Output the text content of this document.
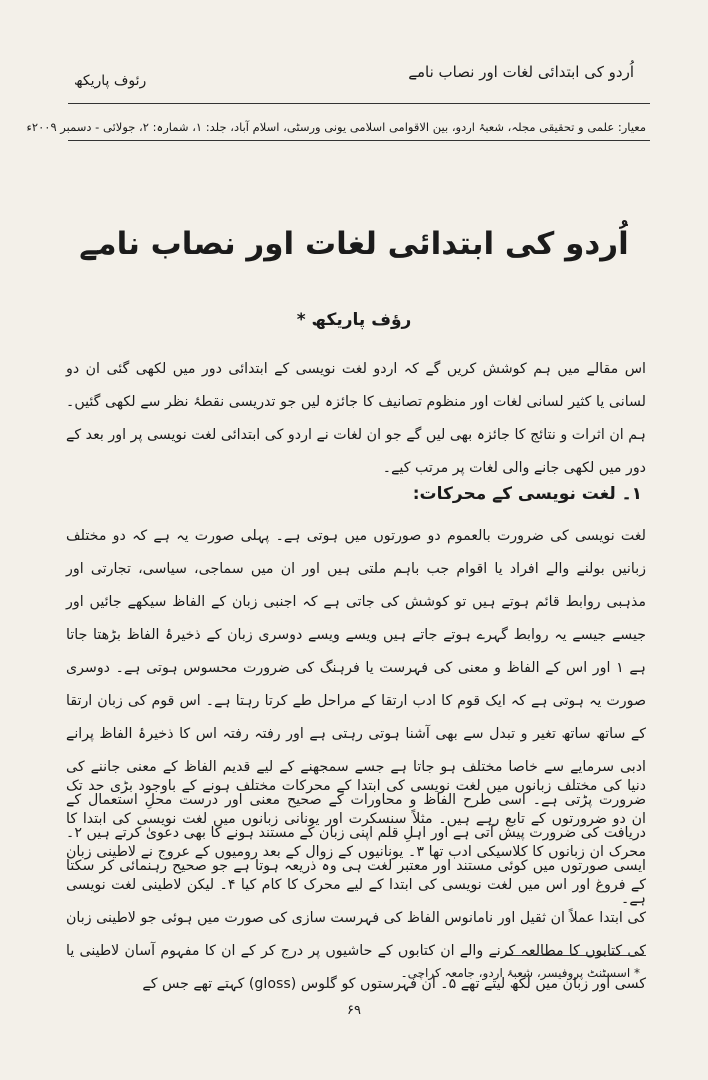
اُردو کی ابتدائی لغات اور نصاب نامے
رئوف پاریکھ
معیار: علمی و تحقیقی مجلہ، شعبۂ اردو، بین الاقوامی اسلامی یونی ورسٹی، اسلام آباد، جلد: ۱، شمارہ: ۲، جولائی - دسمبر ۲۰۰۹ء
اُردو کی ابتدائی لغات اور نصاب نامے
رؤف پاریکھ *
اس مقالے میں ہم کوشش کریں گے کہ اردو لغت نویسی کے ابتدائی دور میں لکھی گئی ان دو لسانی یا کثیر لسانی لغات اور منظوم تصانیف کا جائزہ لیں جو تدریسی نقطۂ نظر سے لکھی گئیں۔ ہم ان اثرات و نتائج کا جائزہ بھی لیں گے جو ان لغات نے اردو کی ابتدائی لغت نویسی پر اور بعد کے دور میں لکھی جانے والی لغات پر مرتب کیے۔
۱۔ لغت نویسی کے محرکات:
لغت نویسی کی ضرورت بالعموم دو صورتوں میں ہوتی ہے۔ پہلی صورت یہ ہے کہ دو مختلف زبانیں بولنے والے افراد یا اقوام جب باہم ملتی ہیں اور ان میں سماجی، سیاسی، تجارتی اور مذہبی روابط قائم ہوتے ہیں تو کوشش کی جاتی ہے کہ اجنبی زبان کے الفاظ سیکھے جائیں اور جیسے جیسے یہ روابط گہرے ہوتے جاتے ہیں ویسے ویسے دوسری زبان کے ذخیرۂ الفاظ بڑھتا جاتا ہے ۱ اور اس کے الفاظ و معنی کی فہرست یا فرہنگ کی ضرورت محسوس ہوتی ہے۔ دوسری صورت یہ ہوتی ہے کہ ایک قوم کا ادب ارتقا کے مراحل طے کرتا رہتا ہے۔ اس قوم کی زبان ارتقا کے ساتھ ساتھ تغیر و تبدل سے بھی آشنا ہوتی رہتی ہے اور رفتہ رفتہ اس کا ذخیرۂ الفاظ پرانے ادبی سرمایے سے خاصا مختلف ہو جاتا ہے جسے سمجھنے کے لیے قدیم الفاظ کے معنی جاننے کی ضرورت پڑتی ہے۔ اسی طرح الفاظ و محاورات کے صحیح معنی اور درست محلِ استعمال کے دریافت کی ضرورت پیش آتی ہے اور اہلِ قلم اپنی زبان کے مستند ہونے کا بھی دعویٰ کرتے ہیں ۲۔ ایسی صورتوں میں کوئی مستند اور معتبر لغت ہی وہ ذریعہ ہوتا ہے جو صحیح رہنمائی کر سکتا ہے۔
دنیا کی مختلف زبانوں میں لغت نویسی کی ابتدا کے محرکات مختلف ہونے کے باوجود بڑی حد تک ان دو ضرورتوں کے تابع رہے ہیں۔ مثلاً سنسکرت اور یونانی زبانوں میں لغت نویسی کی ابتدا کا محرک ان زبانوں کا کلاسیکی ادب تھا ۳۔ یونانیوں کے زوال کے بعد رومیوں کے عروج نے لاطینی زبان کے فروغ اور اس میں لغت نویسی کی ابتدا کے لیے محرک کا کام کیا ۴۔ لیکن لاطینی لغت نویسی کی ابتدا عملاً ان ثقیل اور نامانوس الفاظ کی فہرست سازی کی صورت میں ہوئی جو لاطینی زبان کی کتابوں کا مطالعہ کرنے والے ان کتابوں کے حاشیوں پر درج کر کے ان کا مفہوم آسان لاطینی یا کسی اور زبان میں لکھ لیتے تھے ۵۔ ان فہرستوں کو گلوس (gloss) کہتے تھے جس کے
* اسسٹنٹ پروفیسر، شعبۂ اردو، جامعہ کراچی۔
۶۹
